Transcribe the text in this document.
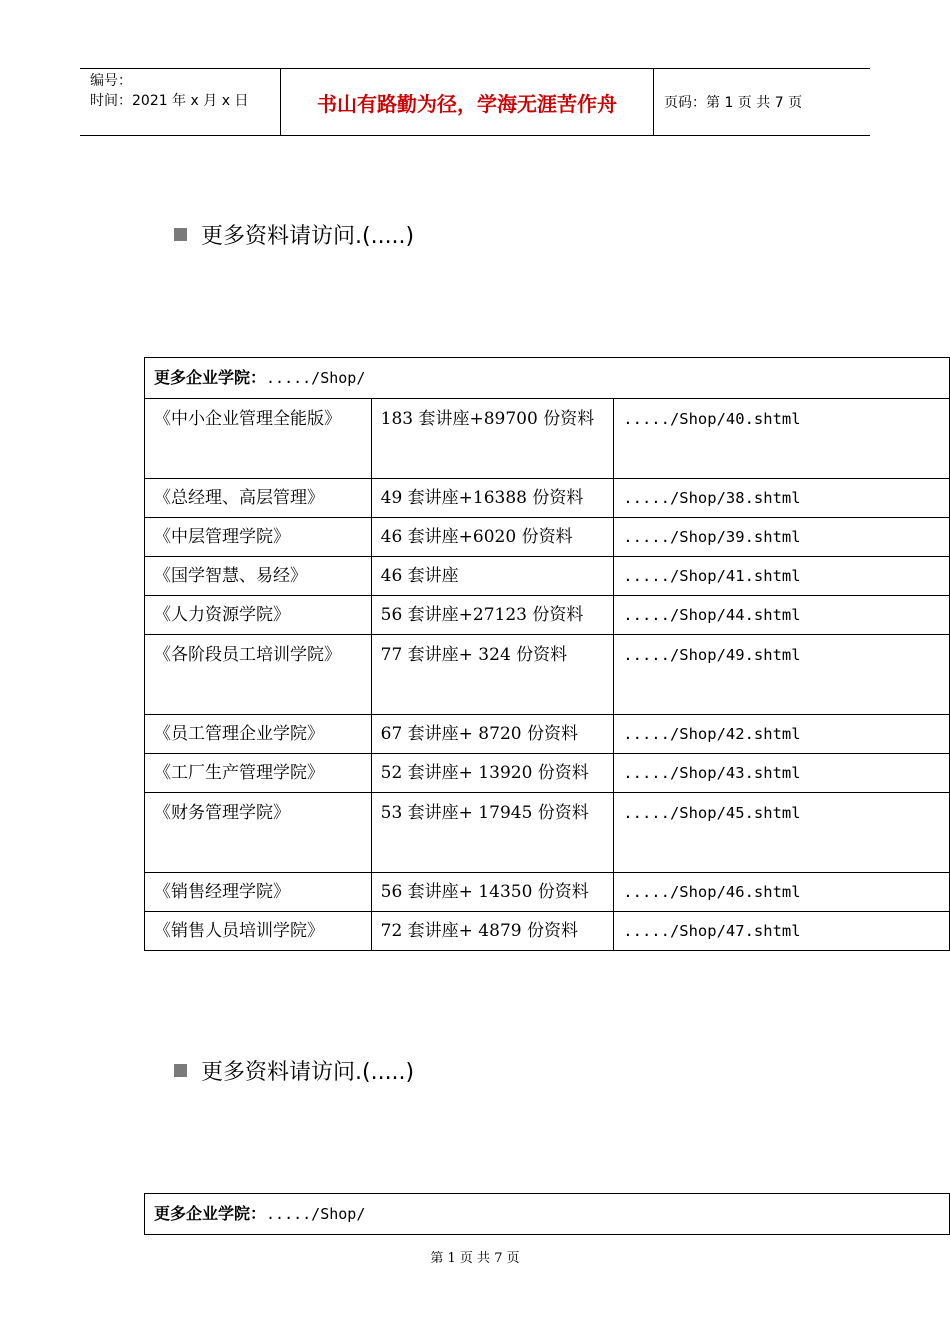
编号：
时间：2021 年 x 月 x 日	书山有路勤为径，学海无涯苦作舟	页码：第 1 页 共 7 页
更多资料请访问.(.....)
更多企业学院：...../Shop/		
《中小企业管理全能版》	183 套讲座+89700 份资料	...../Shop/40.shtml
《总经理、高层管理》	49 套讲座+16388 份资料	...../Shop/38.shtml
《中层管理学院》	46 套讲座+6020 份资料	...../Shop/39.shtml
《国学智慧、易经》	46 套讲座	...../Shop/41.shtml
《人力资源学院》	56 套讲座+27123 份资料	...../Shop/44.shtml
《各阶段员工培训学院》	77 套讲座+ 324 份资料	...../Shop/49.shtml
《员工管理企业学院》	67 套讲座+ 8720 份资料	...../Shop/42.shtml
《工厂生产管理学院》	52 套讲座+ 13920 份资料	...../Shop/43.shtml
《财务管理学院》	53 套讲座+ 17945 份资料	...../Shop/45.shtml
《销售经理学院》	56 套讲座+ 14350 份资料	...../Shop/46.shtml
《销售人员培训学院》	72 套讲座+ 4879 份资料	...../Shop/47.shtml
更多资料请访问.(.....)
更多企业学院：...../Shop/
第 1 页 共 7 页
